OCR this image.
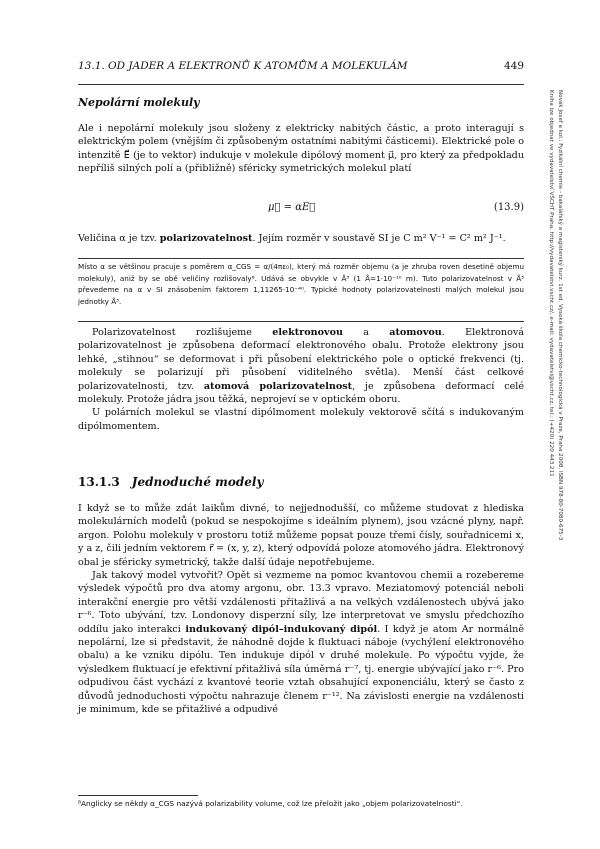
13.1. OD JADER A ELEKTRONŮ K ATOMŮM A MOLEKULÁM	449
Nepolární molekuly

Ale i nepolární molekuly jsou složeny z elektricky nabitých částic, a proto interagují s elektrickým polem (vnějším či způsobeným ostatními nabitými částicemi). Elektrické pole o intenzitě E⃗ (je to vektor) indukuje v molekule dipólový moment μ⃗, pro který za předpokladu nepříliš silných polí a (přibližně) sféricky symetrických molekul platí

μ⃗ = αE⃗	(13.9)

Veličina α je tzv. polarizovatelnost. Jejím rozměr v soustavě SI je C m² V⁻¹ = C² m² J⁻¹.

Místo α se většinou pracuje s poměrem α_CGS = α/(4πε₀), který má rozměr objemu (a je zhruba roven desetině objemu molekuly), aniž by se obě veličiny rozlišovaly⁸. Udává se obvykle v Å³ (1 Å=1·10⁻¹⁰ m). Tuto polarizovatelnost v Å³ převedeme na α v SI znásobením faktorem 1,11265·10⁻⁴⁰. Typické hodnoty polarizovatelnosti malých molekul jsou jednotky Å³.

Polarizovatelnost rozlišujeme elektronovou a atomovou. Elektronová polarizovatelnost je způsobena deformací elektronového obalu. Protože elektrony jsou lehké, „stihnou“ se deformovat i při působení elektrického pole o optické frekvenci (tj. molekuly se polarizují při působení viditelného světla). Menší část celkové polarizovatelnosti, tzv. atomová polarizovatelnost, je způsobena deformací celé molekuly. Protože jádra jsou těžká, neprojeví se v optickém oboru.

U polárních molekul se vlastní dipólmoment molekuly vektorově sčítá s indukovaným dipólmomentem.

13.1.3 Jednoduché modely

I když se to může zdát laikům divné, to nejjednodušší, co můžeme studovat z hlediska molekulárních modelů (pokud se nespokojíme s ideálním plynem), jsou vzácné plyny, např. argon. Polohu molekuly v prostoru totiž můžeme popsat pouze třemi čísly, souřadnicemi x, y a z, čili jedním vektorem r⃗ = (x, y, z), který odpovídá poloze atomového jádra. Elektronový obal je sféricky symetrický, takže další údaje nepotřebujeme.

Jak takový model vytvořit? Opět si vezmeme na pomoc kvantovou chemii a rozebereme výsledek výpočtů pro dva atomy argonu, obr. 13.3 vpravo. Meziatomový potenciál neboli interakční energie pro větší vzdálenosti přitažlivá a na velkých vzdálenostech ubývá jako r⁻⁶. Toto ubývání, tzv. Londonovy disperzní síly, lze interpretovat ve smyslu předchozího oddílu jako interakci indukovaný dipól–indukovaný dipól. I když je atom Ar normálně nepolární, lze si představit, že náhodně dojde k fluktuaci náboje (vychýlení elektronového obalu) a ke vzniku dipólu. Ten indukuje dipól v druhé molekule. Po výpočtu vyjde, že výsledkem fluktuací je efektivní přitažlivá síla úměrná r⁻⁷, tj. energie ubývající jako r⁻⁶. Pro odpudivou část vychází z kvantové teorie vztah obsahující exponenciálu, který se často z důvodů jednoduchosti výpočtu nahrazuje členem r⁻¹². Na závislosti energie na vzdálenosti je minimum, kde se přitažlivé a odpudivé

⁸Anglicky se někdy α_CGS nazývá polarizability volume, což lze přeložit jako „objem polarizovatelnosti“.

Novák Josef a kol.: Fyzikální chemie - bakalářský a magisterský kurz. 1st ed. Vysoká škola chemicko-technologická v Praze, Praha 2008. ISBN 978-80-7080-675-3
Kniha lze objednat ve vydavatelství VŠCHT Praha, http://vydavatelstvi.vscht.cz/, e-mail: vydavatelstvi@vscht.cz, tel.: (+420) 220 443 211
